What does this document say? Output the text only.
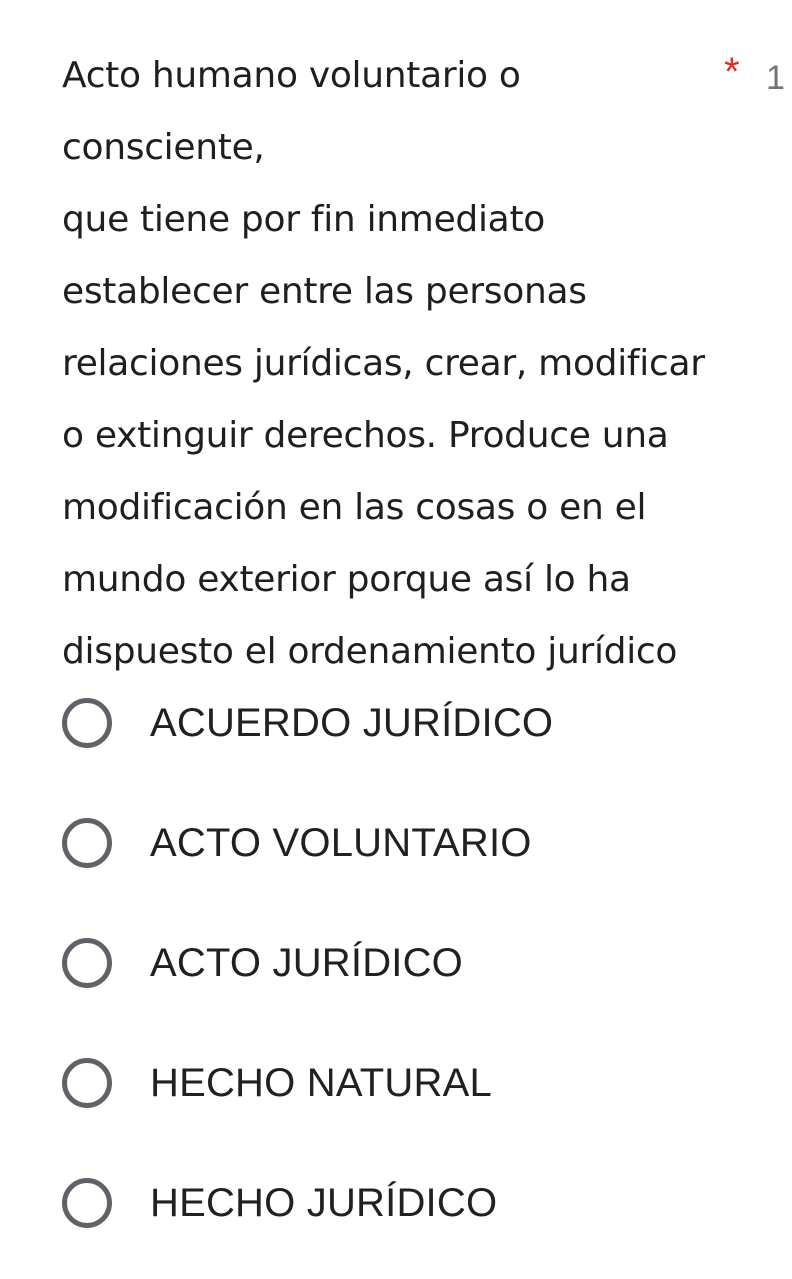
Acto humano voluntario o consciente,
que tiene por fin inmediato
establecer entre las personas
relaciones jurídicas, crear, modificar
o extinguir derechos. Produce una
modificación en las cosas o en el
mundo exterior porque así lo ha
dispuesto el ordenamiento jurídico
* 1
ACUERDO JURÍDICO
ACTO VOLUNTARIO
ACTO JURÍDICO
HECHO NATURAL
HECHO JURÍDICO
